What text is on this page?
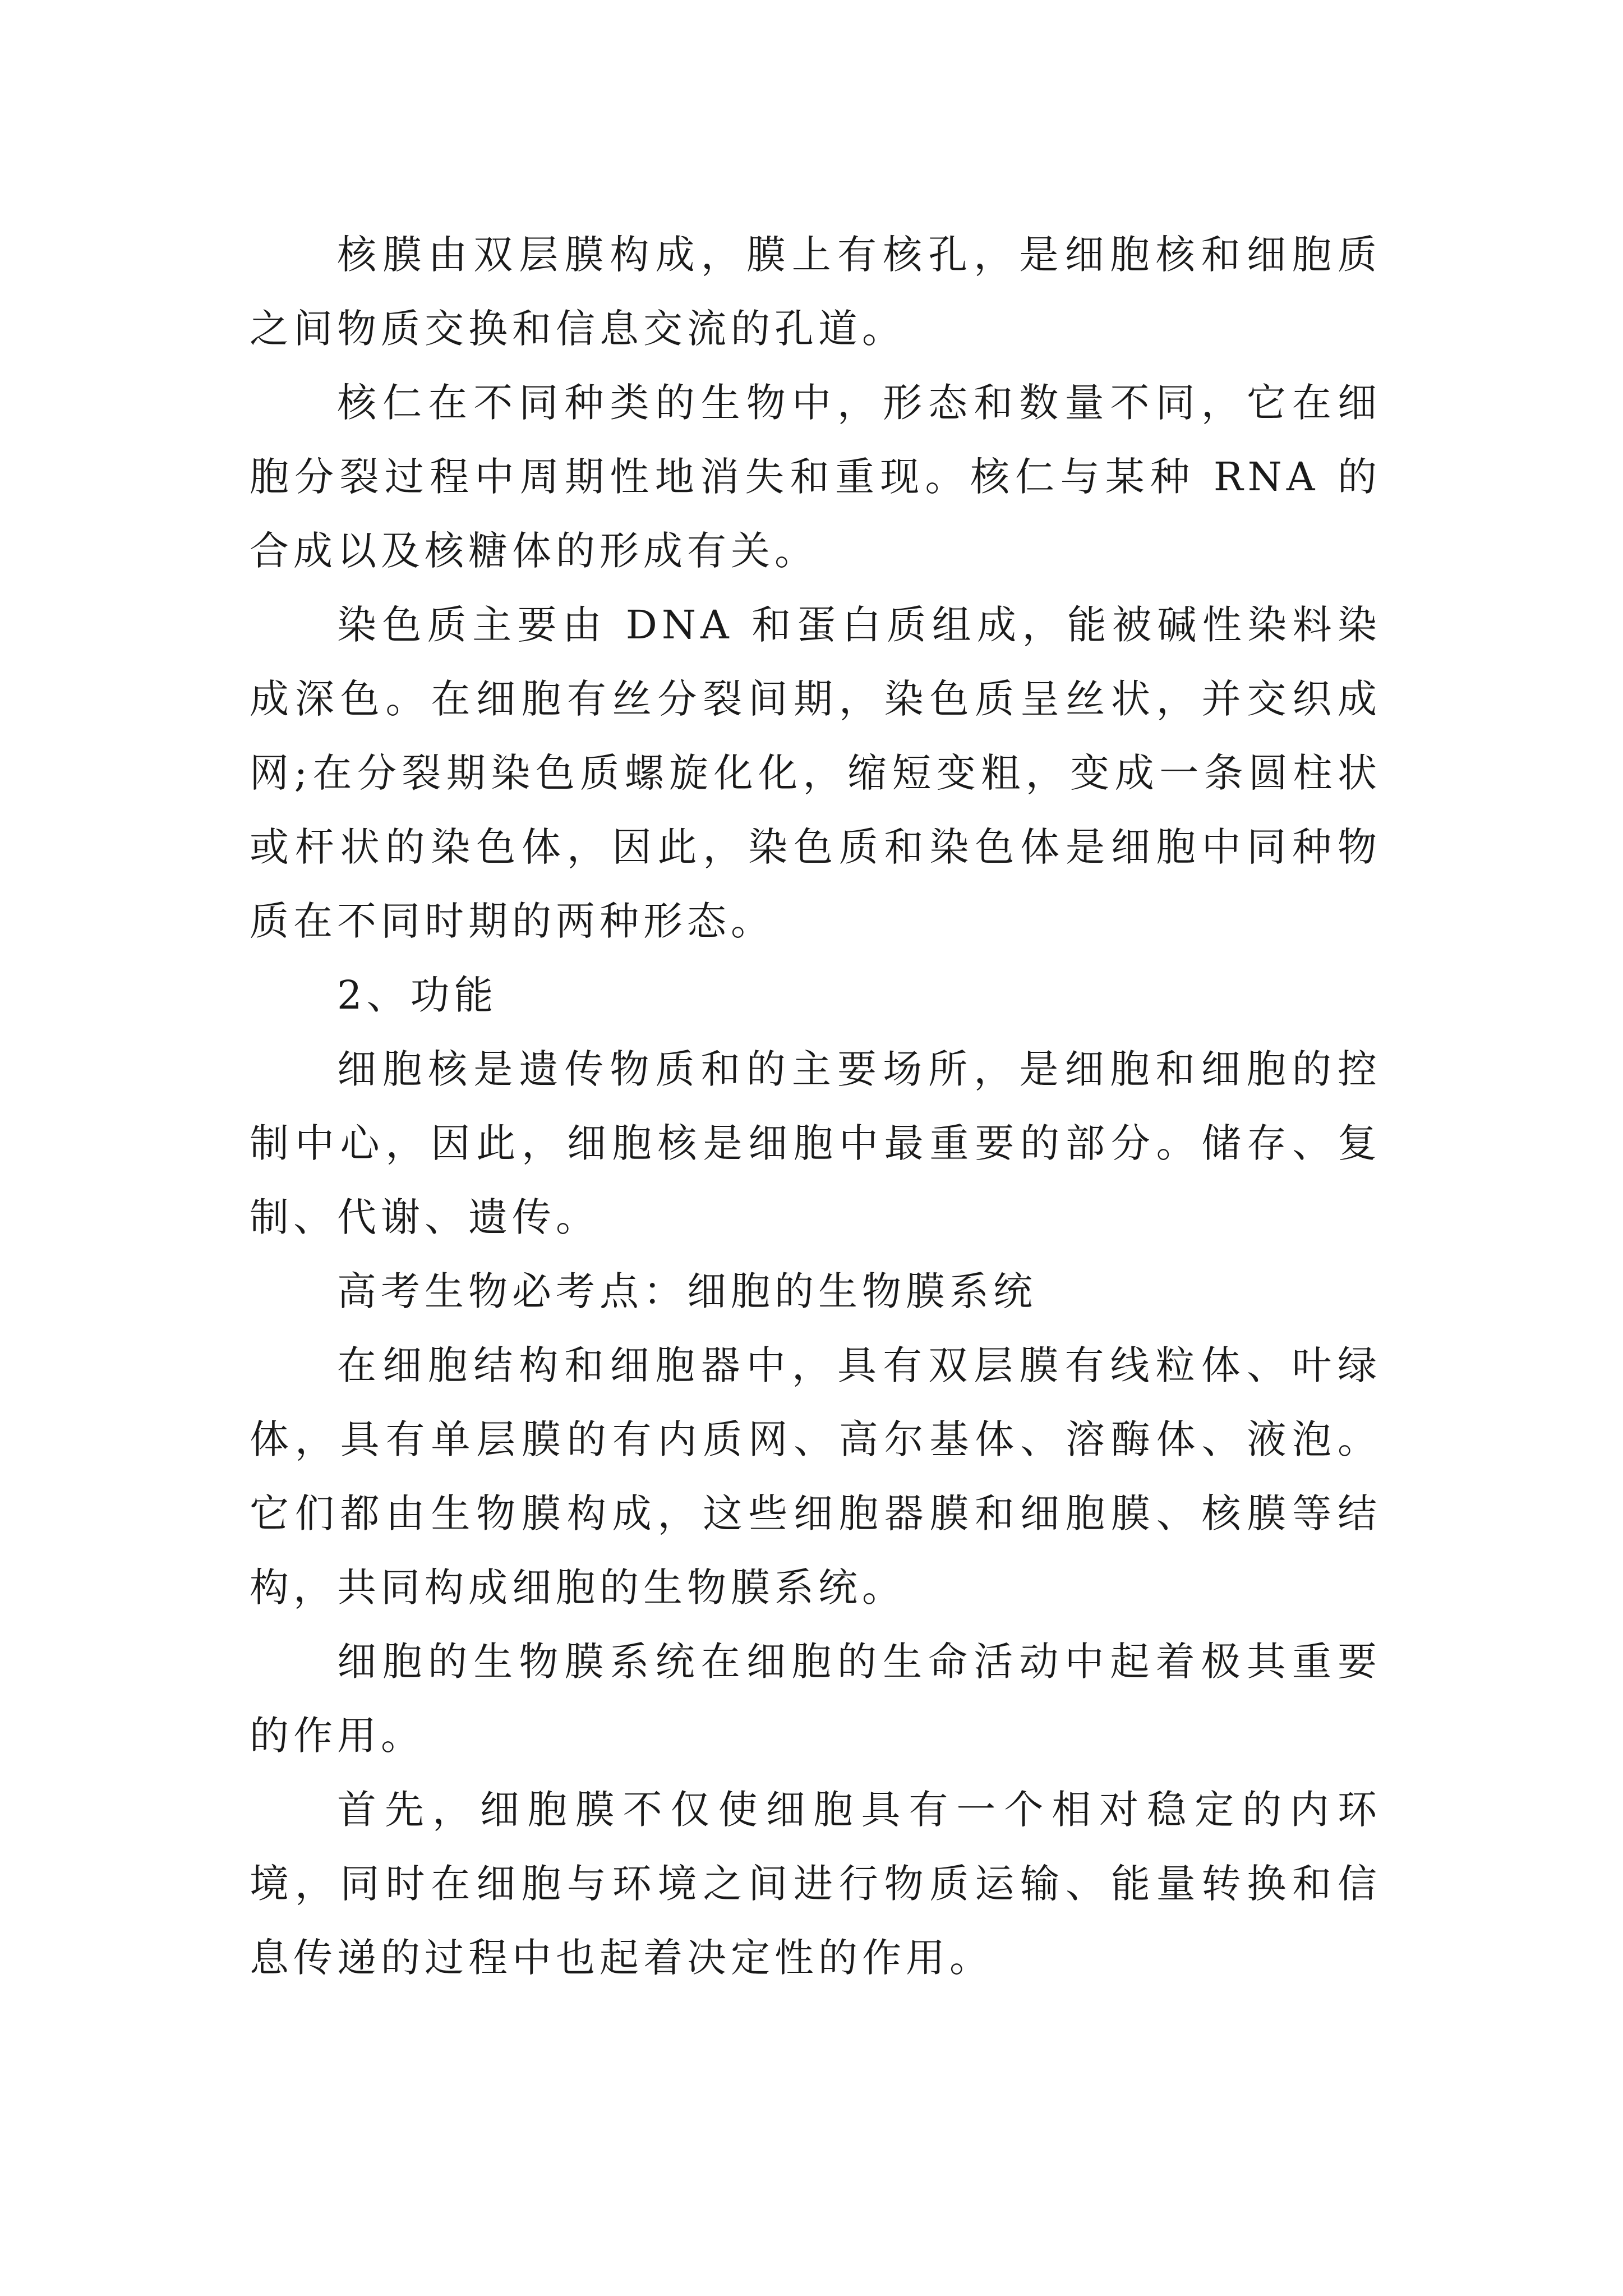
核膜由双层膜构成，膜上有核孔，是细胞核和细胞质之间物质交换和信息交流的孔道。

核仁在不同种类的生物中，形态和数量不同，它在细胞分裂过程中周期性地消失和重现。核仁与某种 RNA 的合成以及核糖体的形成有关。

染色质主要由 DNA 和蛋白质组成，能被碱性染料染成深色。在细胞有丝分裂间期，染色质呈丝状，并交织成网;在分裂期染色质螺旋化化，缩短变粗，变成一条圆柱状或杆状的染色体，因此，染色质和染色体是细胞中同种物质在不同时期的两种形态。

2、功能

细胞核是遗传物质和的主要场所，是细胞和细胞的控制中心，因此，细胞核是细胞中最重要的部分。储存、复制、代谢、遗传。

高考生物必考点：细胞的生物膜系统

在细胞结构和细胞器中，具有双层膜有线粒体、叶绿体，具有单层膜的有内质网、高尔基体、溶酶体、液泡。它们都由生物膜构成，这些细胞器膜和细胞膜、核膜等结构，共同构成细胞的生物膜系统。

细胞的生物膜系统在细胞的生命活动中起着极其重要的作用。

首先，细胞膜不仅使细胞具有一个相对稳定的内环境，同时在细胞与环境之间进行物质运输、能量转换和信息传递的过程中也起着决定性的作用。
